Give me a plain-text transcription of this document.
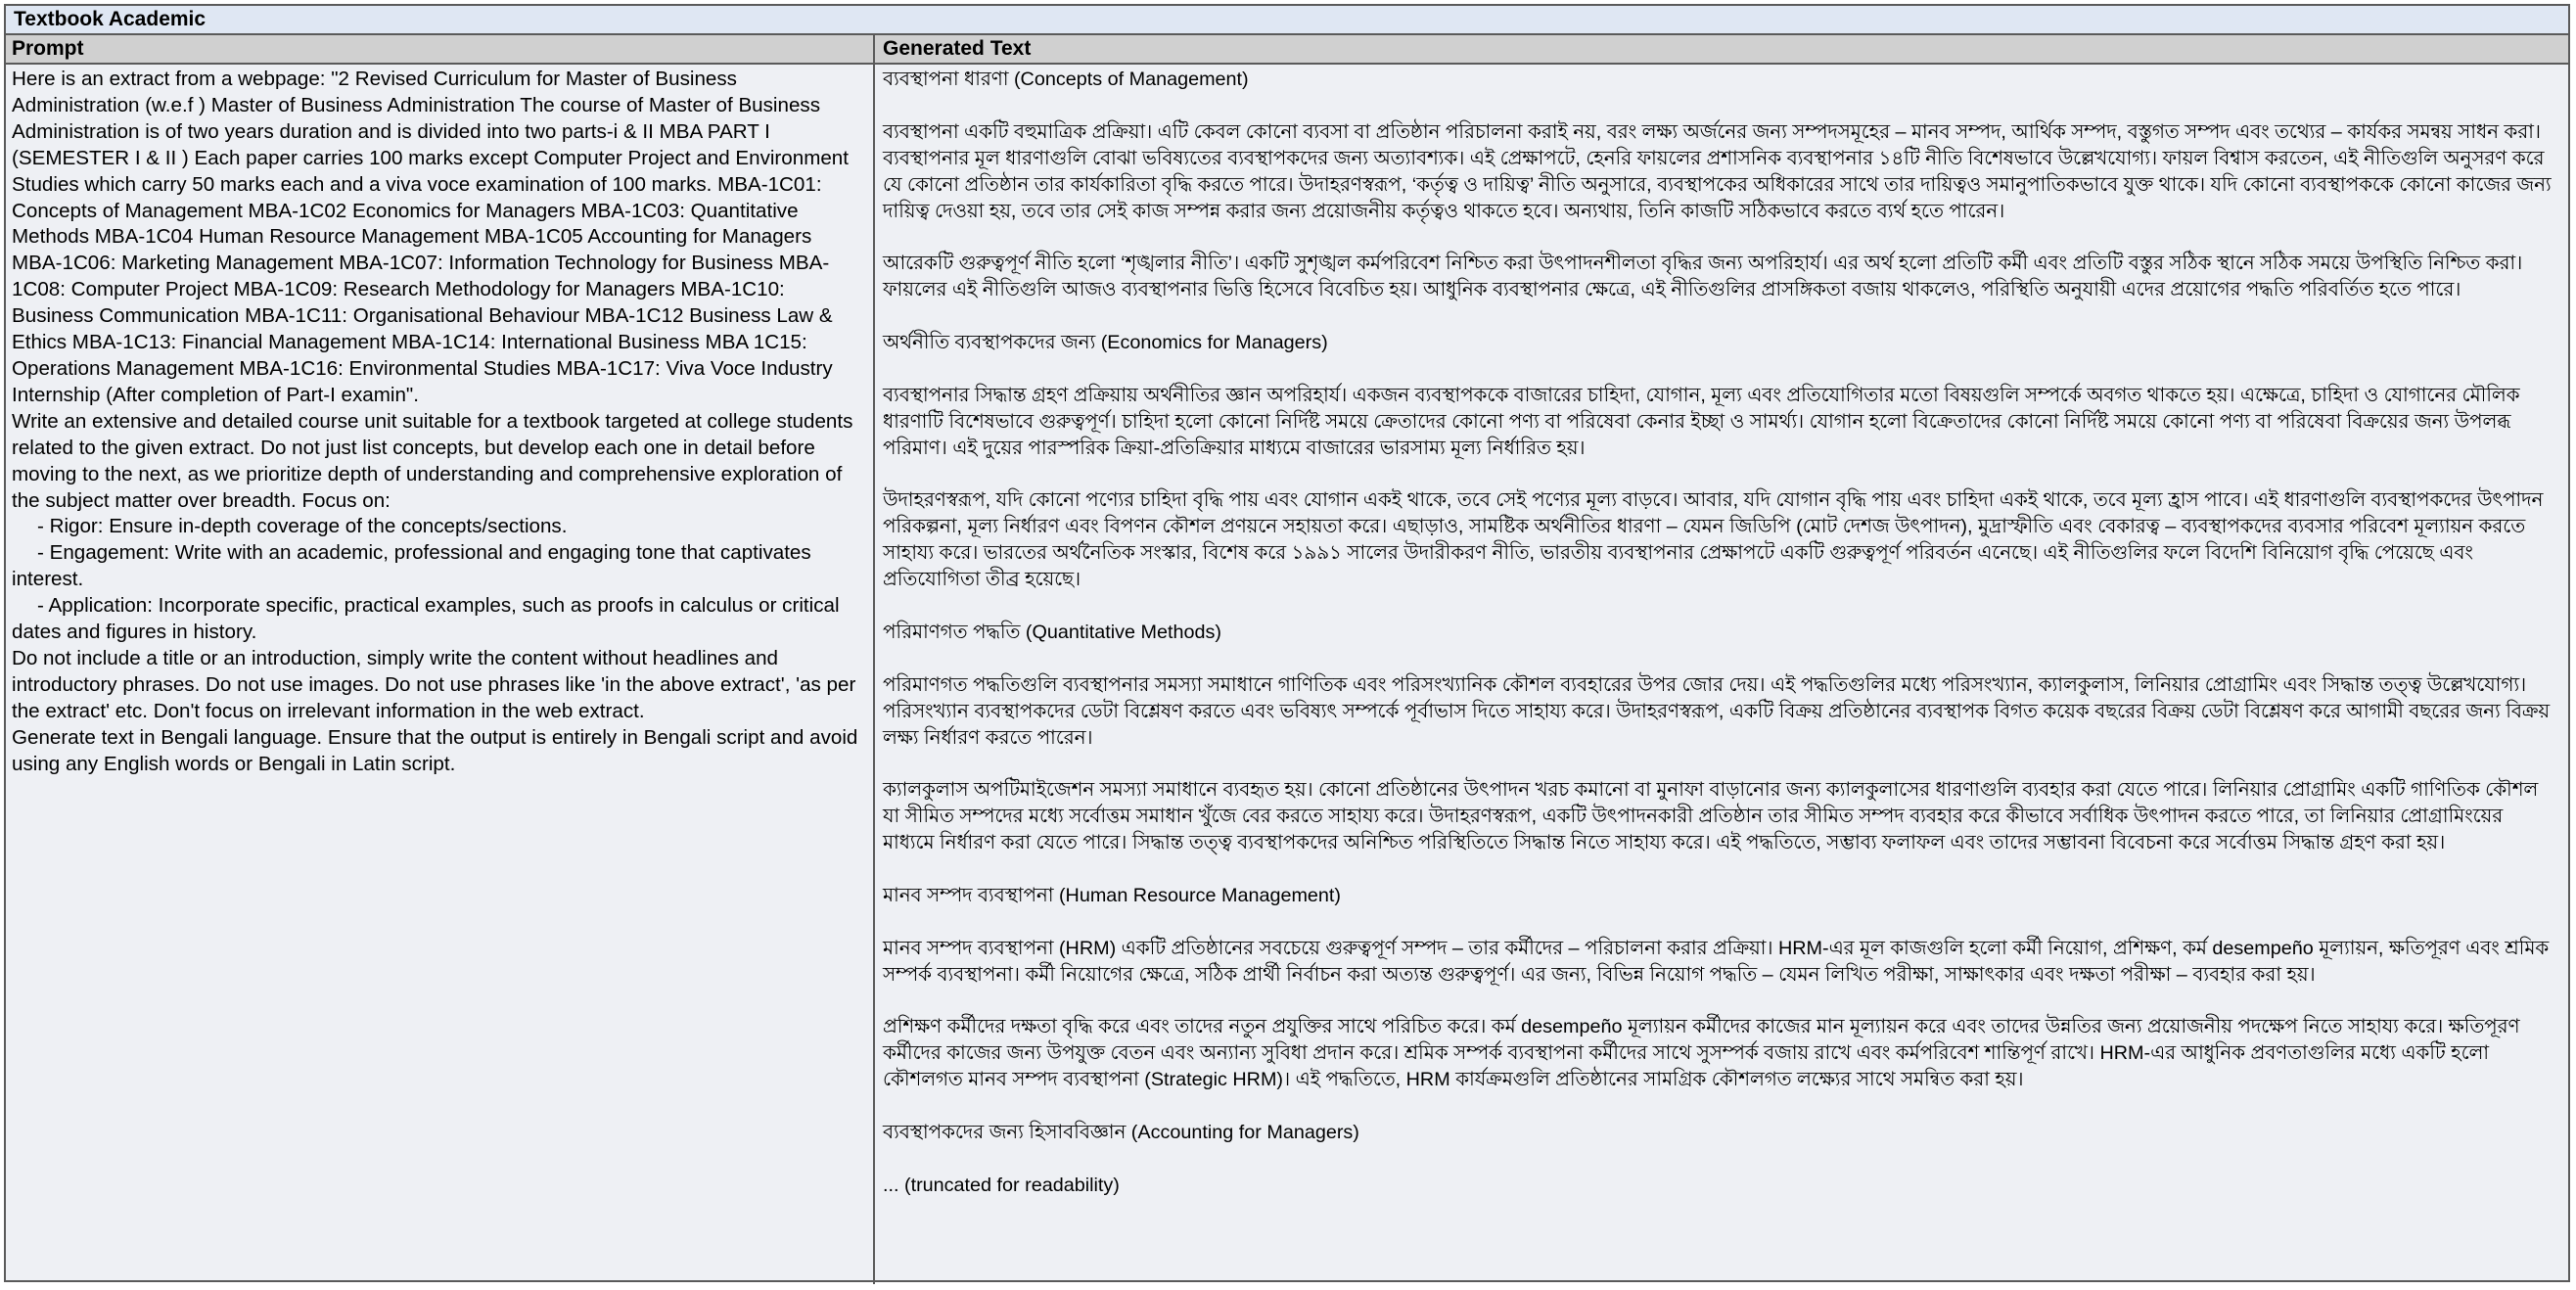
Textbook Academic
Prompt	Generated Text

Here is an extract from a webpage: "2 Revised Curriculum for Master of Business Administration (w.e.f ) Master of Business Administration The course of Master of Business Administration is of two years duration and is divided into two parts-i & II MBA PART I (SEMESTER I & II ) Each paper carries 100 marks except Computer Project and Environment Studies which carry 50 marks each and a viva voce examination of 100 marks. MBA-1C01: Concepts of Management MBA-1C02 Economics for Managers MBA-1C03: Quantitative Methods MBA-1C04 Human Resource Management MBA-1C05 Accounting for Managers MBA-1C06: Marketing Management MBA-1C07: Information Technology for Business MBA-1C08: Computer Project MBA-1C09: Research Methodology for Managers MBA-1C10: Business Communication MBA-1C11: Organisational Behaviour MBA-1C12 Business Law & Ethics MBA-1C13: Financial Management MBA-1C14: International Business MBA 1C15: Operations Management MBA-1C16: Environmental Studies MBA-1C17: Viva Voce Industry Internship (After completion of Part-I examin".

Write an extensive and detailed course unit suitable for a textbook targeted at college students related to the given extract. Do not just list concepts, but develop each one in detail before moving to the next, as we prioritize depth of understanding and comprehensive exploration of the subject matter over breadth. Focus on:

- Rigor: Ensure in-depth coverage of the concepts/sections.

- Engagement: Write with an academic, professional and engaging tone that captivates interest.

- Application: Incorporate specific, practical examples, such as proofs in calculus or critical dates and figures in history.

Do not include a title or an introduction, simply write the content without headlines and introductory phrases. Do not use images. Do not use phrases like 'in the above extract', 'as per the extract' etc. Don't focus on irrelevant information in the web extract.

Generate text in Bengali language. Ensure that the output is entirely in Bengali script and avoid using any English words or Bengali in Latin script.

ব্যবস্থাপনা ধারণা (Concepts of Management)

ব্যবস্থাপনা একটি বহুমাত্রিক প্রক্রিয়া। এটি কেবল কোনো ব্যবসা বা প্রতিষ্ঠান পরিচালনা করাই নয়, বরং লক্ষ্য অর্জনের জন্য সম্পদসমূহের – মানব সম্পদ, আর্থিক সম্পদ, বস্তুগত সম্পদ এবং তথ্যের – কার্যকর সমন্বয় সাধন করা। ব্যবস্থাপনার মূল ধারণাগুলি বোঝা ভবিষ্যতের ব্যবস্থাপকদের জন্য অত্যাবশ্যক। এই প্রেক্ষাপটে, হেনরি ফায়লের প্রশাসনিক ব্যবস্থাপনার ১৪টি নীতি বিশেষভাবে উল্লেখযোগ্য। ফায়ল বিশ্বাস করতেন, এই নীতিগুলি অনুসরণ করে যে কোনো প্রতিষ্ঠান তার কার্যকারিতা বৃদ্ধি করতে পারে। উদাহরণস্বরূপ, ‘কর্তৃত্ব ও দায়িত্ব’ নীতি অনুসারে, ব্যবস্থাপকের অধিকারের সাথে তার দায়িত্বও সমানুপাতিকভাবে যুক্ত থাকে। যদি কোনো ব্যবস্থাপককে কোনো কাজের জন্য দায়িত্ব দেওয়া হয়, তবে তার সেই কাজ সম্পন্ন করার জন্য প্রয়োজনীয় কর্তৃত্বও থাকতে হবে। অন্যথায়, তিনি কাজটি সঠিকভাবে করতে ব্যর্থ হতে পারেন।

আরেকটি গুরুত্বপূর্ণ নীতি হলো ‘শৃঙ্খলার নীতি’। একটি সুশৃঙ্খল কর্মপরিবেশ নিশ্চিত করা উৎপাদনশীলতা বৃদ্ধির জন্য অপরিহার্য। এর অর্থ হলো প্রতিটি কর্মী এবং প্রতিটি বস্তুর সঠিক স্থানে সঠিক সময়ে উপস্থিতি নিশ্চিত করা। ফায়লের এই নীতিগুলি আজও ব্যবস্থাপনার ভিত্তি হিসেবে বিবেচিত হয়। আধুনিক ব্যবস্থাপনার ক্ষেত্রে, এই নীতিগুলির প্রাসঙ্গিকতা বজায় থাকলেও, পরিস্থিতি অনুযায়ী এদের প্রয়োগের পদ্ধতি পরিবর্তিত হতে পারে।

অর্থনীতি ব্যবস্থাপকদের জন্য (Economics for Managers)

ব্যবস্থাপনার সিদ্ধান্ত গ্রহণ প্রক্রিয়ায় অর্থনীতির জ্ঞান অপরিহার্য। একজন ব্যবস্থাপককে বাজারের চাহিদা, যোগান, মূল্য এবং প্রতিযোগিতার মতো বিষয়গুলি সম্পর্কে অবগত থাকতে হয়। এক্ষেত্রে, চাহিদা ও যোগানের মৌলিক ধারণাটি বিশেষভাবে গুরুত্বপূর্ণ। চাহিদা হলো কোনো নির্দিষ্ট সময়ে ক্রেতাদের কোনো পণ্য বা পরিষেবা কেনার ইচ্ছা ও সামর্থ্য। যোগান হলো বিক্রেতাদের কোনো নির্দিষ্ট সময়ে কোনো পণ্য বা পরিষেবা বিক্রয়ের জন্য উপলব্ধ পরিমাণ। এই দুয়ের পারস্পরিক ক্রিয়া-প্রতিক্রিয়ার মাধ্যমে বাজারের ভারসাম্য মূল্য নির্ধারিত হয়।

উদাহরণস্বরূপ, যদি কোনো পণ্যের চাহিদা বৃদ্ধি পায় এবং যোগান একই থাকে, তবে সেই পণ্যের মূল্য বাড়বে। আবার, যদি যোগান বৃদ্ধি পায় এবং চাহিদা একই থাকে, তবে মূল্য হ্রাস পাবে। এই ধারণাগুলি ব্যবস্থাপকদের উৎপাদন পরিকল্পনা, মূল্য নির্ধারণ এবং বিপণন কৌশল প্রণয়নে সহায়তা করে। এছাড়াও, সামষ্টিক অর্থনীতির ধারণা – যেমন জিডিপি (মোট দেশজ উৎপাদন), মুদ্রাস্ফীতি এবং বেকারত্ব – ব্যবস্থাপকদের ব্যবসার পরিবেশ মূল্যায়ন করতে সাহায্য করে। ভারতের অর্থনৈতিক সংস্কার, বিশেষ করে ১৯৯১ সালের উদারীকরণ নীতি, ভারতীয় ব্যবস্থাপনার প্রেক্ষাপটে একটি গুরুত্বপূর্ণ পরিবর্তন এনেছে। এই নীতিগুলির ফলে বিদেশি বিনিয়োগ বৃদ্ধি পেয়েছে এবং প্রতিযোগিতা তীব্র হয়েছে।

পরিমাণগত পদ্ধতি (Quantitative Methods)

পরিমাণগত পদ্ধতিগুলি ব্যবস্থাপনার সমস্যা সমাধানে গাণিতিক এবং পরিসংখ্যানিক কৌশল ব্যবহারের উপর জোর দেয়। এই পদ্ধতিগুলির মধ্যে পরিসংখ্যান, ক্যালকুলাস, লিনিয়ার প্রোগ্রামিং এবং সিদ্ধান্ত তত্ত্ব উল্লেখযোগ্য। পরিসংখ্যান ব্যবস্থাপকদের ডেটা বিশ্লেষণ করতে এবং ভবিষ্যৎ সম্পর্কে পূর্বাভাস দিতে সাহায্য করে। উদাহরণস্বরূপ, একটি বিক্রয় প্রতিষ্ঠানের ব্যবস্থাপক বিগত কয়েক বছরের বিক্রয় ডেটা বিশ্লেষণ করে আগামী বছরের জন্য বিক্রয় লক্ষ্য নির্ধারণ করতে পারেন।

ক্যালকুলাস অপটিমাইজেশন সমস্যা সমাধানে ব্যবহৃত হয়। কোনো প্রতিষ্ঠানের উৎপাদন খরচ কমানো বা মুনাফা বাড়ানোর জন্য ক্যালকুলাসের ধারণাগুলি ব্যবহার করা যেতে পারে। লিনিয়ার প্রোগ্রামিং একটি গাণিতিক কৌশল যা সীমিত সম্পদের মধ্যে সর্বোত্তম সমাধান খুঁজে বের করতে সাহায্য করে। উদাহরণস্বরূপ, একটি উৎপাদনকারী প্রতিষ্ঠান তার সীমিত সম্পদ ব্যবহার করে কীভাবে সর্বাধিক উৎপাদন করতে পারে, তা লিনিয়ার প্রোগ্রামিংয়ের মাধ্যমে নির্ধারণ করা যেতে পারে। সিদ্ধান্ত তত্ত্ব ব্যবস্থাপকদের অনিশ্চিত পরিস্থিতিতে সিদ্ধান্ত নিতে সাহায্য করে। এই পদ্ধতিতে, সম্ভাব্য ফলাফল এবং তাদের সম্ভাবনা বিবেচনা করে সর্বোত্তম সিদ্ধান্ত গ্রহণ করা হয়।

মানব সম্পদ ব্যবস্থাপনা (Human Resource Management)

মানব সম্পদ ব্যবস্থাপনা (HRM) একটি প্রতিষ্ঠানের সবচেয়ে গুরুত্বপূর্ণ সম্পদ – তার কর্মীদের – পরিচালনা করার প্রক্রিয়া। HRM-এর মূল কাজগুলি হলো কর্মী নিয়োগ, প্রশিক্ষণ, কর্ম desempeño মূল্যায়ন, ক্ষতিপূরণ এবং শ্রমিক সম্পর্ক ব্যবস্থাপনা। কর্মী নিয়োগের ক্ষেত্রে, সঠিক প্রার্থী নির্বাচন করা অত্যন্ত গুরুত্বপূর্ণ। এর জন্য, বিভিন্ন নিয়োগ পদ্ধতি – যেমন লিখিত পরীক্ষা, সাক্ষাৎকার এবং দক্ষতা পরীক্ষা – ব্যবহার করা হয়।

প্রশিক্ষণ কর্মীদের দক্ষতা বৃদ্ধি করে এবং তাদের নতুন প্রযুক্তির সাথে পরিচিত করে। কর্ম desempeño মূল্যায়ন কর্মীদের কাজের মান মূল্যায়ন করে এবং তাদের উন্নতির জন্য প্রয়োজনীয় পদক্ষেপ নিতে সাহায্য করে। ক্ষতিপূরণ কর্মীদের কাজের জন্য উপযুক্ত বেতন এবং অন্যান্য সুবিধা প্রদান করে। শ্রমিক সম্পর্ক ব্যবস্থাপনা কর্মীদের সাথে সুসম্পর্ক বজায় রাখে এবং কর্মপরিবেশ শান্তিপূর্ণ রাখে। HRM-এর আধুনিক প্রবণতাগুলির মধ্যে একটি হলো কৌশলগত মানব সম্পদ ব্যবস্থাপনা (Strategic HRM)। এই পদ্ধতিতে, HRM কার্যক্রমগুলি প্রতিষ্ঠানের সামগ্রিক কৌশলগত লক্ষ্যের সাথে সমন্বিত করা হয়।

ব্যবস্থাপকদের জন্য হিসাববিজ্ঞান (Accounting for Managers)

... (truncated for readability)
